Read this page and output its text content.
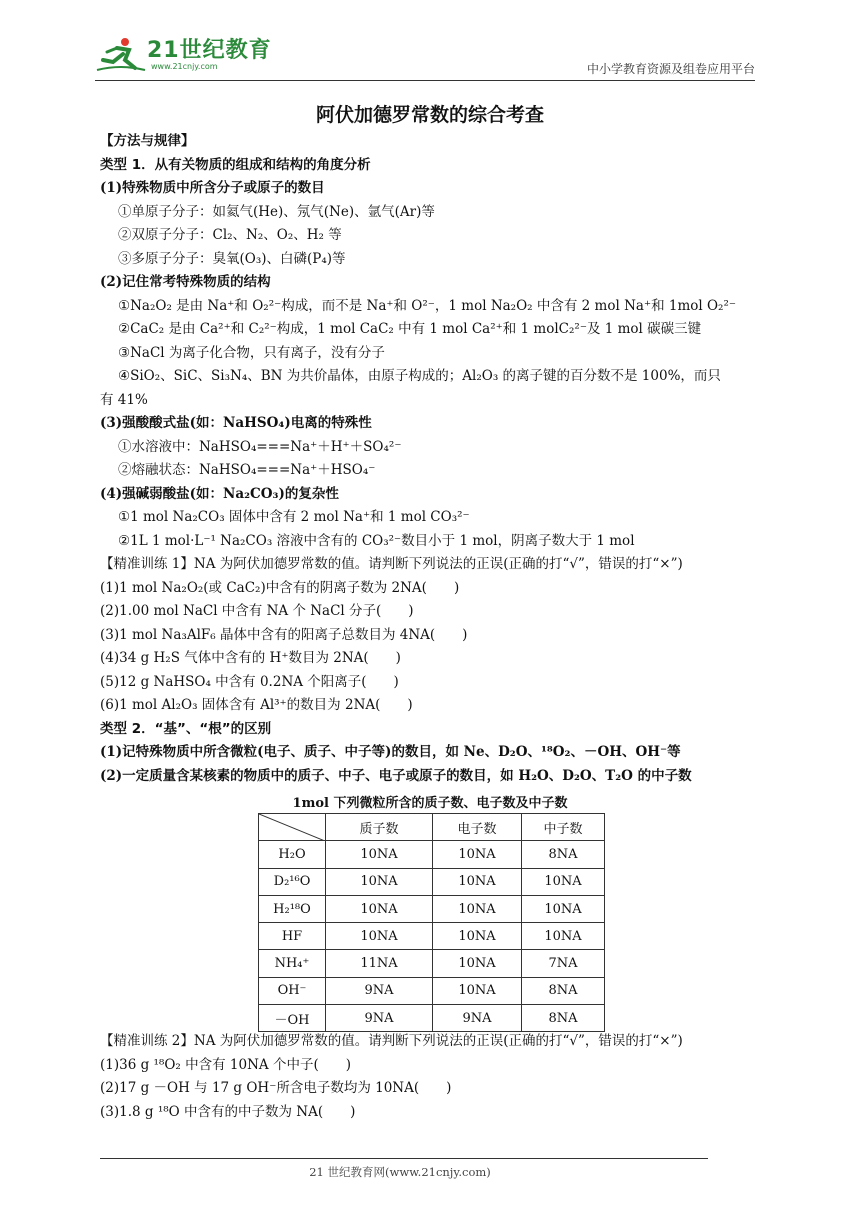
21世纪教育
www.21cnjy.com	中小学教育资源及组卷应用平台
阿伏加德罗常数的综合考查
【方法与规律】
类型 1．从有关物质的组成和结构的角度分析
(1)特殊物质中所含分子或原子的数目
①单原子分子：如氦气(He)、氖气(Ne)、氩气(Ar)等
②双原子分子：Cl₂、N₂、O₂、H₂ 等
③多原子分子：臭氧(O₃)、白磷(P₄)等
(2)记住常考特殊物质的结构
①Na₂O₂ 是由 Na⁺和 O₂²⁻构成，而不是 Na⁺和 O²⁻，1 mol Na₂O₂ 中含有 2 mol Na⁺和 1mol O₂²⁻
②CaC₂ 是由 Ca²⁺和 C₂²⁻构成，1 mol CaC₂ 中有 1 mol Ca²⁺和 1 molC₂²⁻及 1 mol 碳碳三键
③NaCl 为离子化合物，只有离子，没有分子
④SiO₂、SiC、Si₃N₄、BN 为共价晶体，由原子构成的；Al₂O₃ 的离子键的百分数不是 100%，而只
有 41%
(3)强酸酸式盐(如：NaHSO₄)电离的特殊性
①水溶液中：NaHSO₄===Na⁺＋H⁺＋SO₄²⁻
②熔融状态：NaHSO₄===Na⁺＋HSO₄⁻
(4)强碱弱酸盐(如：Na₂CO₃)的复杂性
①1 mol Na₂CO₃ 固体中含有 2 mol Na⁺和 1 mol CO₃²⁻
②1L 1 mol·L⁻¹ Na₂CO₃ 溶液中含有的 CO₃²⁻数目小于 1 mol，阴离子数大于 1 mol
【精准训练 1】NA 为阿伏加德罗常数的值。请判断下列说法的正误(正确的打“√”，错误的打“×”)
(1)1 mol Na₂O₂(或 CaC₂)中含有的阴离子数为 2NA(　　)
(2)1.00 mol NaCl 中含有 NA 个 NaCl 分子(　　)
(3)1 mol Na₃AlF₆ 晶体中含有的阳离子总数目为 4NA(　　)
(4)34 g H₂S 气体中含有的 H⁺数目为 2NA(　　)
(5)12 g NaHSO₄ 中含有 0.2NA 个阳离子(　　)
(6)1 mol Al₂O₃ 固体含有 Al³⁺的数目为 2NA(　　)
类型 2．“基”、“根”的区别
(1)记特殊物质中所含微粒(电子、质子、中子等)的数目，如 Ne、D₂O、¹⁸O₂、－OH、OH⁻等
(2)一定质量含某核素的物质中的质子、中子、电子或原子的数目，如 H₂O、D₂O、T₂O 的中子数
1mol 下列微粒所含的质子数、电子数及中子数
	质子数	电子数	中子数
H₂O	10NA	10NA	8NA
D₂¹⁶O	10NA	10NA	10NA
H₂¹⁸O	10NA	10NA	10NA
HF	10NA	10NA	10NA
NH₄⁺	11NA	10NA	7NA
OH⁻	9NA	10NA	8NA
－OH	9NA	9NA	8NA
【精准训练 2】NA 为阿伏加德罗常数的值。请判断下列说法的正误(正确的打“√”，错误的打“×”)
(1)36 g ¹⁸O₂ 中含有 10NA 个中子(　　)
(2)17 g －OH 与 17 g OH⁻所含电子数均为 10NA(　　)
(3)1.8 g ¹⁸O 中含有的中子数为 NA(　　)
21 世纪教育网(www.21cnjy.com)
